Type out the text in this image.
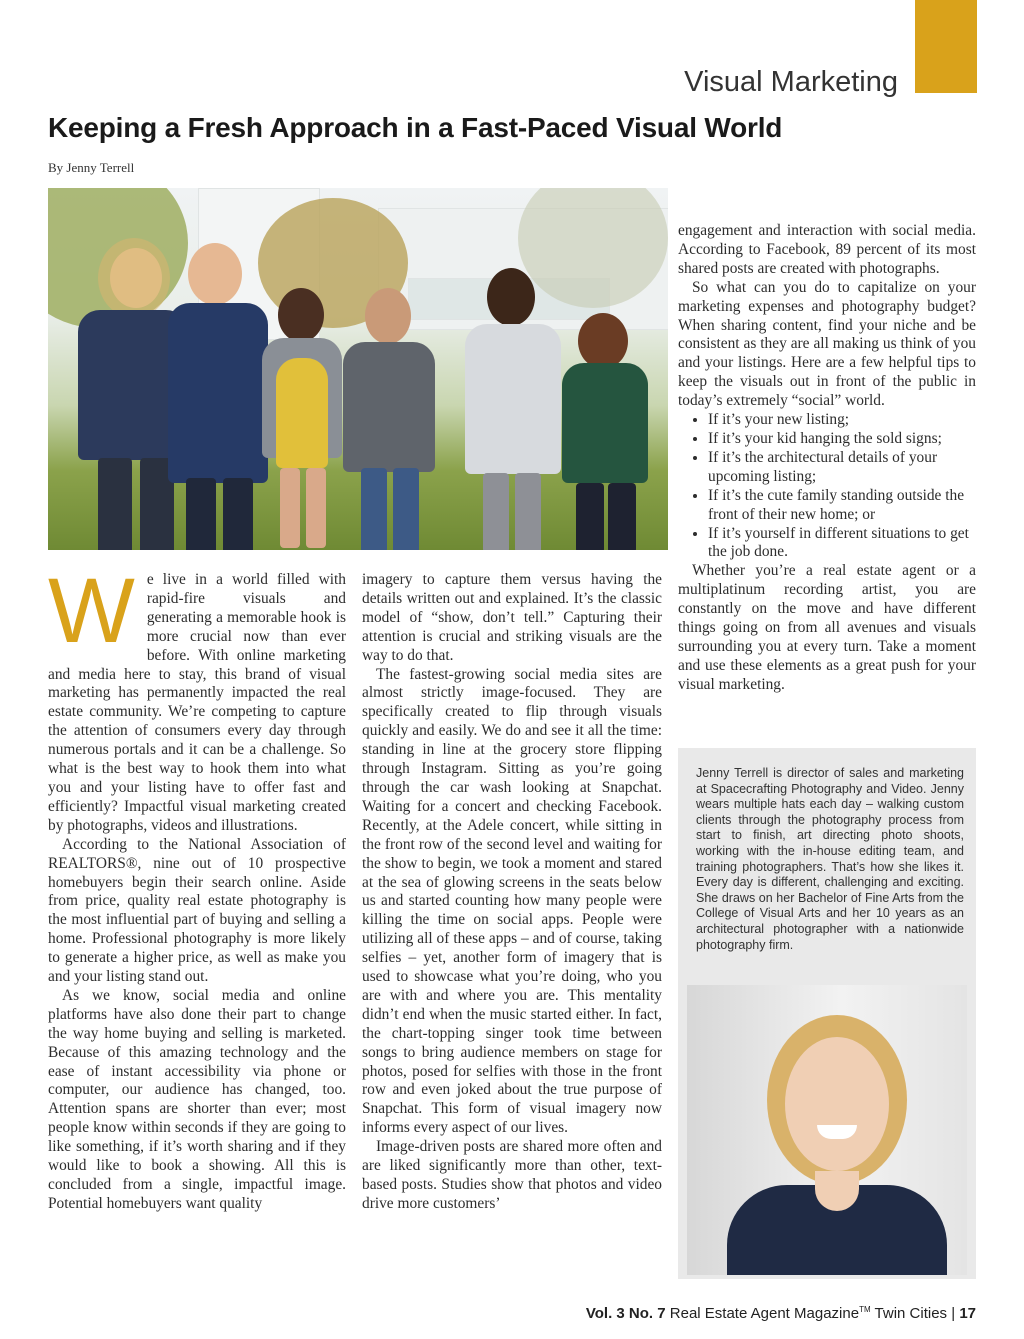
Visual Marketing
Keeping a Fresh Approach in a Fast-Paced Visual World
By Jenny Terrell

We live in a world filled with rapid-fire visuals and generating a memorable hook is more crucial now than ever before. With online marketing and media here to stay, this brand of visual marketing has permanently impacted the real estate community. We’re competing to capture the attention of consumers every day through numerous portals and it can be a challenge. So what is the best way to hook them into what you and your listing have to offer fast and efficiently? Impactful visual marketing created by photographs, videos and illustrations.

According to the National Association of REALTORS®, nine out of 10 prospective homebuyers begin their search online. Aside from price, quality real estate photography is the most influential part of buying and selling a home. Professional photography is more likely to generate a higher price, as well as make you and your listing stand out.

As we know, social media and online platforms have also done their part to change the way home buying and selling is marketed. Because of this amazing technology and the ease of instant accessibility via phone or computer, our audience has changed, too. Attention spans are shorter than ever; most people know within seconds if they are going to like something, if it’s worth sharing and if they would like to book a showing. All this is concluded from a single, impactful image. Potential homebuyers want quality

imagery to capture them versus having the details written out and explained. It’s the classic model of “show, don’t tell.” Capturing their attention is crucial and striking visuals are the way to do that.

The fastest-growing social media sites are almost strictly image-focused. They are specifically created to flip through visuals quickly and easily. We do and see it all the time: standing in line at the grocery store flipping through Instagram. Sitting as you’re going through the car wash looking at Snapchat. Waiting for a concert and checking Facebook. Recently, at the Adele concert, while sitting in the front row of the second level and waiting for the show to begin, we took a moment and stared at the sea of glowing screens in the seats below us and started counting how many people were killing the time on social apps. People were utilizing all of these apps – and of course, taking selfies – yet, another form of imagery that is used to showcase what you’re doing, who you are with and where you are. This mentality didn’t end when the music started either. In fact, the chart-topping singer took time between songs to bring audience members on stage for photos, posed for selfies with those in the front row and even joked about the true purpose of Snapchat. This form of visual imagery now informs every aspect of our lives.

Image-driven posts are shared more often and are liked significantly more than other, text-based posts. Studies show that photos and video drive more customers’

engagement and interaction with social media. According to Facebook, 89 percent of its most shared posts are created with photographs.

So what can you do to capitalize on your marketing expenses and photography budget? When sharing content, find your niche and be consistent as they are all making us think of you and your listings. Here are a few helpful tips to keep the visuals out in front of the public in today’s extremely “social” world.

• If it’s your new listing;
• If it’s your kid hanging the sold signs;
• If it’s the architectural details of your upcoming listing;
• If it’s the cute family standing outside the front of their new home; or
• If it’s yourself in different situations to get the job done.

Whether you’re a real estate agent or a multiplatinum recording artist, you are constantly on the move and have different things going on from all avenues and visuals surrounding you at every turn. Take a moment and use these elements as a great push for your visual marketing.

Jenny Terrell is director of sales and marketing at Spacecrafting Photography and Video. Jenny wears multiple hats each day – walking custom clients through the photography process from start to finish, art directing photo shoots, working with the in-house editing team, and training photographers. That’s how she likes it. Every day is different, challenging and exciting. She draws on her Bachelor of Fine Arts from the College of Visual Arts and her 10 years as an architectural photographer with a nationwide photography firm.

Vol. 3 No. 7 Real Estate Agent Magazine™ Twin Cities | 17
